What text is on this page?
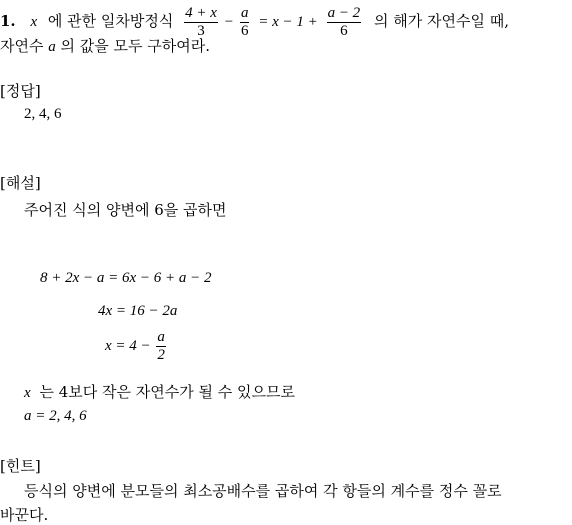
1. x 에 관한 일차방정식 $\frac{4 + x}{3} - \frac{a}{6} = x - 1 + \frac{a - 2}{6}$ 의 해가 자연수일 때,
자연수 a 의 값을 모두 구하여라.
[정답]
2, 4, 6
[해설]
주어진 식의 양변에 6을 곱하면
8 + 2x − a = 6x − 6 + a − 2
4x = 16 − 2a
$x = 4 - \frac{a}{2}$
x 는 4보다 작은 자연수가 될 수 있으므로
a = 2, 4, 6
[힌트]
등식의 양변에 분모들의 최소공배수를 곱하여 각 항들의 계수를 정수 꼴로
바꾼다.
